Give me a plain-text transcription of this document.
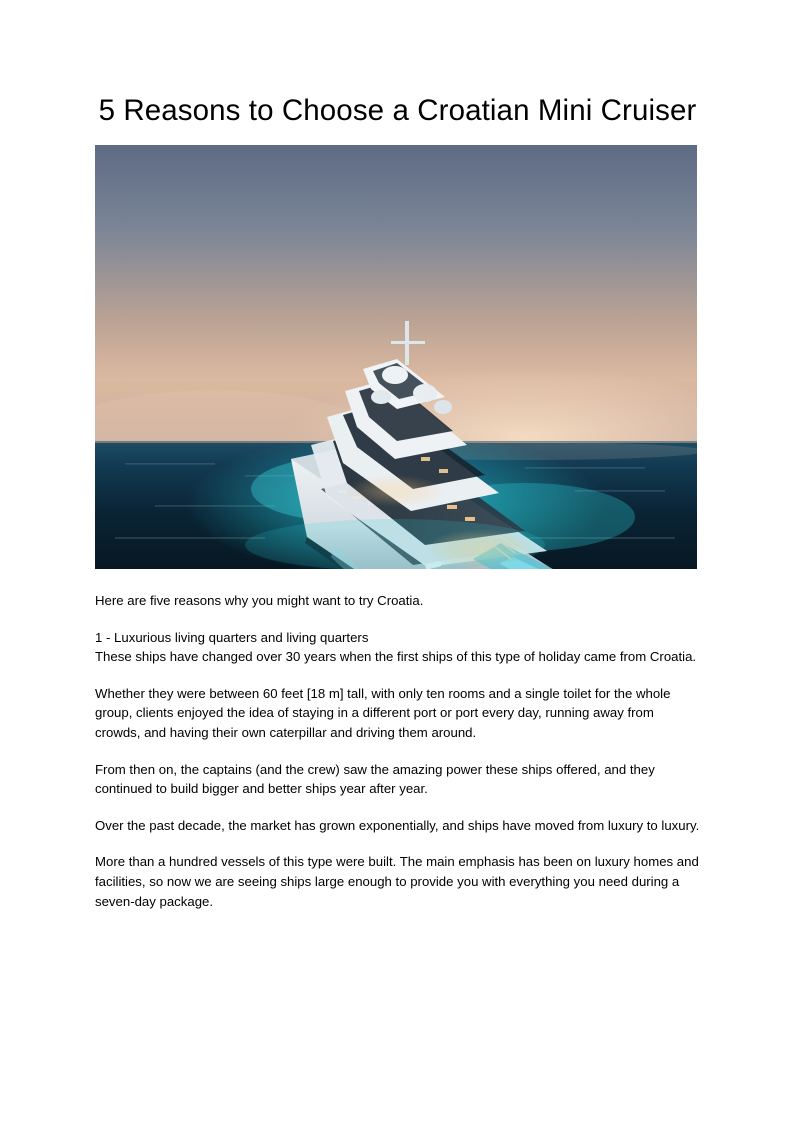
5 Reasons to Choose a Croatian Mini Cruiser

Here are five reasons why you might want to try Croatia.

1 - Luxurious living quarters and living quarters

These ships have changed over 30 years when the first ships of this type of holiday came from Croatia.

Whether they were between 60 feet [18 m] tall, with only ten rooms and a single toilet for the whole group, clients enjoyed the idea of staying in a different port or port every day, running away from crowds, and having their own caterpillar and driving them around.

From then on, the captains (and the crew) saw the amazing power these ships offered, and they continued to build bigger and better ships year after year.

Over the past decade, the market has grown exponentially, and ships have moved from luxury to luxury.

More than a hundred vessels of this type were built. The main emphasis has been on luxury homes and facilities, so now we are seeing ships large enough to provide you with everything you need during a seven-day package.
